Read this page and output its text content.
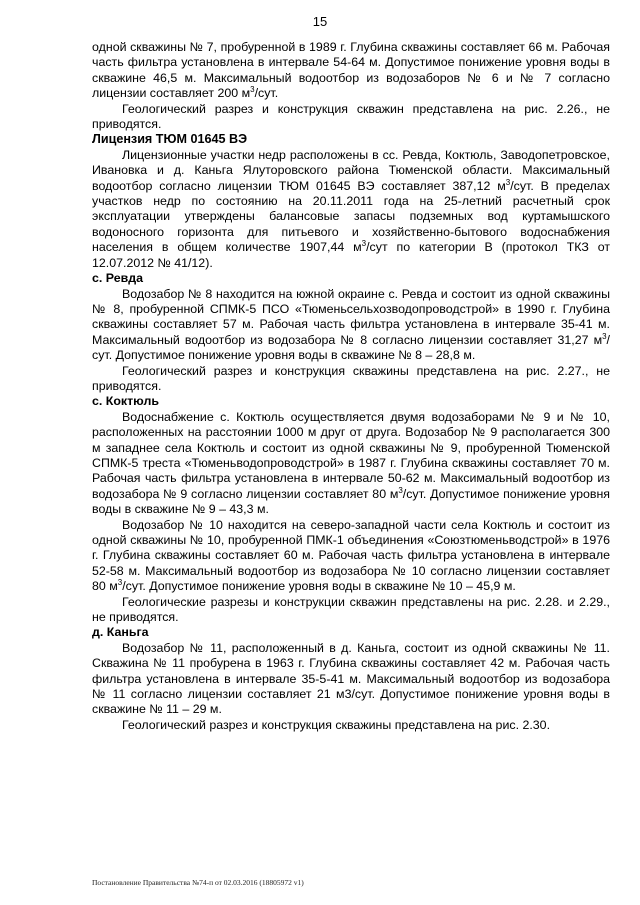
15

одной скважины № 7, пробуренной в 1989 г. Глубина скважины составляет 66 м. Рабочая часть фильтра установлена в интервале 54-64 м. Допустимое понижение уровня воды в скважине 46,5 м. Максимальный водоотбор из водозаборов № 6 и № 7 согласно лицензии составляет 200 $м^3$/сут.

Геологический разрез и конструкция скважин представлена на рис. 2.26., не приводятся.

Лицензия ТЮМ 01645 ВЭ

Лицензионные участки недр расположены в сс. Ревда, Коктюль, Заводопетровское, Ивановка и д. Каньга Ялуторовского района Тюменской области. Максимальный водоотбор согласно лицензии ТЮМ 01645 ВЭ составляет 387,12 $м^3$/сут. В пределах участков недр по состоянию на 20.11.2011 года на 25-летний расчетный срок эксплуатации утверждены балансовые запасы подземных вод куртамышского водоносного горизонта для питьевого и хозяйственно-бытового водоснабжения населения в общем количестве 1907,44 $м^3$/сут по категории В (протокол ТКЗ от 12.07.2012 № 41/12).

с. Ревда

Водозабор № 8 находится на южной окраине с. Ревда и состоит из одной скважины № 8, пробуренной СПМК-5 ПСО «Тюменьсельхозводопроводстрой» в 1990 г. Глубина скважины составляет 57 м. Рабочая часть фильтра установлена в интервале 35-41 м. Максимальный водоотбор из водозабора № 8 согласно лицензии составляет 31,27 $м^3$/сут. Допустимое понижение уровня воды в скважине № 8 – 28,8 м.

Геологический разрез и конструкция скважины представлена на рис. 2.27., не приводятся.

с. Коктюль

Водоснабжение с. Коктюль осуществляется двумя водозаборами № 9 и № 10, расположенных на расстоянии 1000 м друг от друга. Водозабор № 9 располагается 300 м западнее села Коктюль и состоит из одной скважины № 9, пробуренной Тюменской СПМК-5 треста «Тюменьводопроводстрой» в 1987 г. Глубина скважины составляет 70 м. Рабочая часть фильтра установлена в интервале 50-62 м. Максимальный водоотбор из водозабора № 9 согласно лицензии составляет 80 $м^3$/сут. Допустимое понижение уровня воды в скважине № 9 – 43,3 м.

Водозабор № 10 находится на северо-западной части села Коктюль и состоит из одной скважины № 10, пробуренной ПМК-1 объединения «Союзтюменьводстрой» в 1976 г. Глубина скважины составляет 60 м. Рабочая часть фильтра установлена в интервале 52-58 м. Максимальный водоотбор из водозабора № 10 согласно лицензии составляет 80 $м^3$/сут. Допустимое понижение уровня воды в скважине № 10 – 45,9 м.

Геологические разрезы и конструкции скважин представлены на рис. 2.28. и 2.29., не приводятся.

д. Каньга

Водозабор № 11, расположенный в д. Каньга, состоит из одной скважины № 11. Скважина № 11 пробурена в 1963 г. Глубина скважины составляет 42 м. Рабочая часть фильтра установлена в интервале 35-5-41 м. Максимальный водоотбор из водозабора № 11 согласно лицензии составляет 21 м3/сут. Допустимое понижение уровня воды в скважине № 11 – 29 м.

Геологический разрез и конструкция скважины представлена на рис. 2.30.

Постановление Правительства №74-п от 02.03.2016 (18805972 v1)
